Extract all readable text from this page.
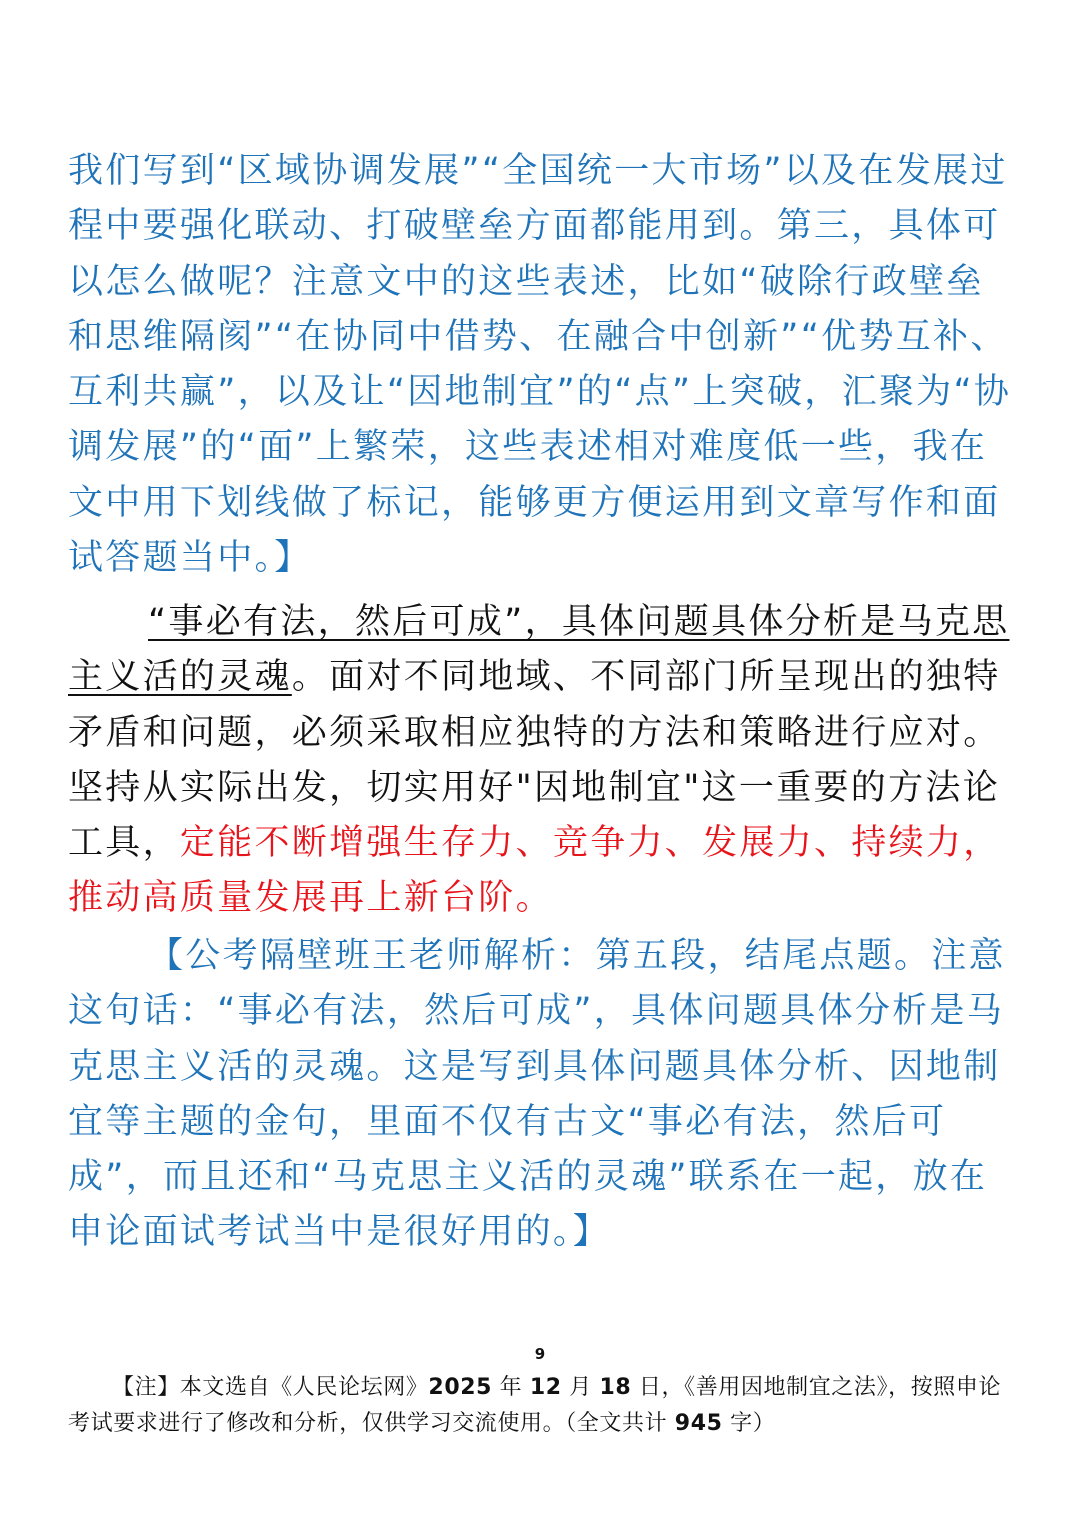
我们写到“区域协调发展”“全国统一大市场”以及在发展过程中要强化联动、打破壁垒方面都能用到。第三，具体可以怎么做呢？注意文中的这些表述，比如“破除行政壁垒和思维隔阂”“在协同中借势、在融合中创新”“优势互补、互利共赢”，以及让“因地制宜”的“点”上突破，汇聚为“协调发展”的“面”上繁荣，这些表述相对难度低一些，我在文中用下划线做了标记，能够更方便运用到文章写作和面试答题当中。】

“事必有法，然后可成”，具体问题具体分析是马克思主义活的灵魂。面对不同地域、不同部门所呈现出的独特矛盾和问题，必须采取相应独特的方法和策略进行应对。坚持从实际出发，切实用好"因地制宜"这一重要的方法论工具，定能不断增强生存力、竞争力、发展力、持续力，推动高质量发展再上新台阶。

【公考隔壁班王老师解析：第五段，结尾点题。注意这句话：“事必有法，然后可成”，具体问题具体分析是马克思主义活的灵魂。这是写到具体问题具体分析、因地制宜等主题的金句，里面不仅有古文“事必有法，然后可成”，而且还和“马克思主义活的灵魂”联系在一起，放在申论面试考试当中是很好用的。】

9

【注】本文选自《人民论坛网》2025 年 12 月 18 日，《善用因地制宜之法》，按照申论考试要求进行了修改和分析，仅供学习交流使用。（全文共计 945 字）
